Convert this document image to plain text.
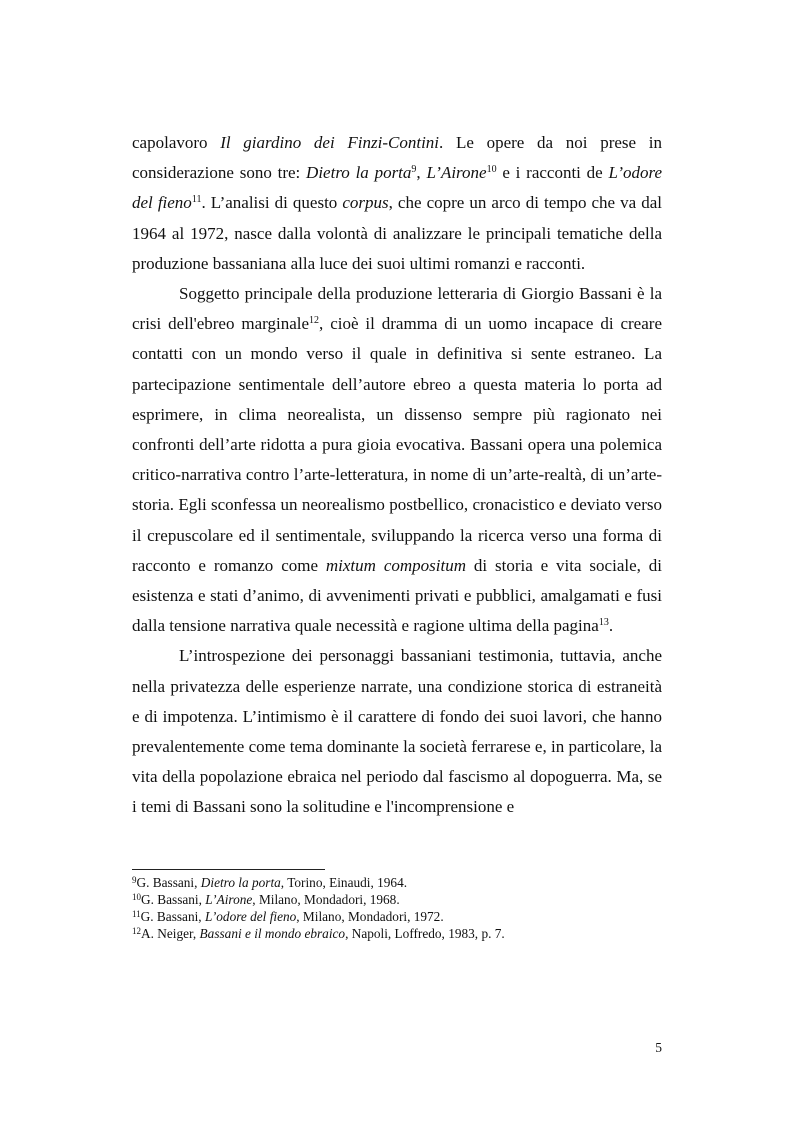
capolavoro Il giardino dei Finzi-Contini. Le opere da noi prese in considerazione sono tre: Dietro la porta$^9$, L’Airone$^{10}$ e i racconti de L’odore del fieno$^{11}$. L’analisi di questo corpus, che copre un arco di tempo che va dal 1964 al 1972, nasce dalla volontà di analizzare le principali tematiche della produzione bassaniana alla luce dei suoi ultimi romanzi e racconti.

Soggetto principale della produzione letteraria di Giorgio Bassani è la crisi dell'ebreo marginale$^{12}$, cioè il dramma di un uomo incapace di creare contatti con un mondo verso il quale in definitiva si sente estraneo. La partecipazione sentimentale dell’autore ebreo a questa materia lo porta ad esprimere, in clima neorealista, un dissenso sempre più ragionato nei confronti dell’arte ridotta a pura gioia evocativa. Bassani opera una polemica critico-narrativa contro l’arte-letteratura, in nome di un’arte-realtà, di un’arte-storia. Egli sconfessa un neorealismo postbellico, cronacistico e deviato verso il crepuscolare ed il sentimentale, sviluppando la ricerca verso una forma di racconto e romanzo come mixtum compositum di storia e vita sociale, di esistenza e stati d’animo, di avvenimenti privati e pubblici, amalgamati e fusi dalla tensione narrativa quale necessità e ragione ultima della pagina$^{13}$.

L’introspezione dei personaggi bassaniani testimonia, tuttavia, anche nella privatezza delle esperienze narrate, una condizione storica di estraneità e di impotenza. L’intimismo è il carattere di fondo dei suoi lavori, che hanno prevalentemente come tema dominante la società ferrarese e, in particolare, la vita della popolazione ebraica nel periodo dal fascismo al dopoguerra. Ma, se i temi di Bassani sono la solitudine e l'incomprensione e

$^9$G. Bassani, Dietro la porta, Torino, Einaudi, 1964.
$^{10}$G. Bassani, L’Airone, Milano, Mondadori, 1968.
$^{11}$G. Bassani, L’odore del fieno, Milano, Mondadori, 1972.
$^{12}$A. Neiger, Bassani e il mondo ebraico, Napoli, Loffredo, 1983, p. 7.
5
